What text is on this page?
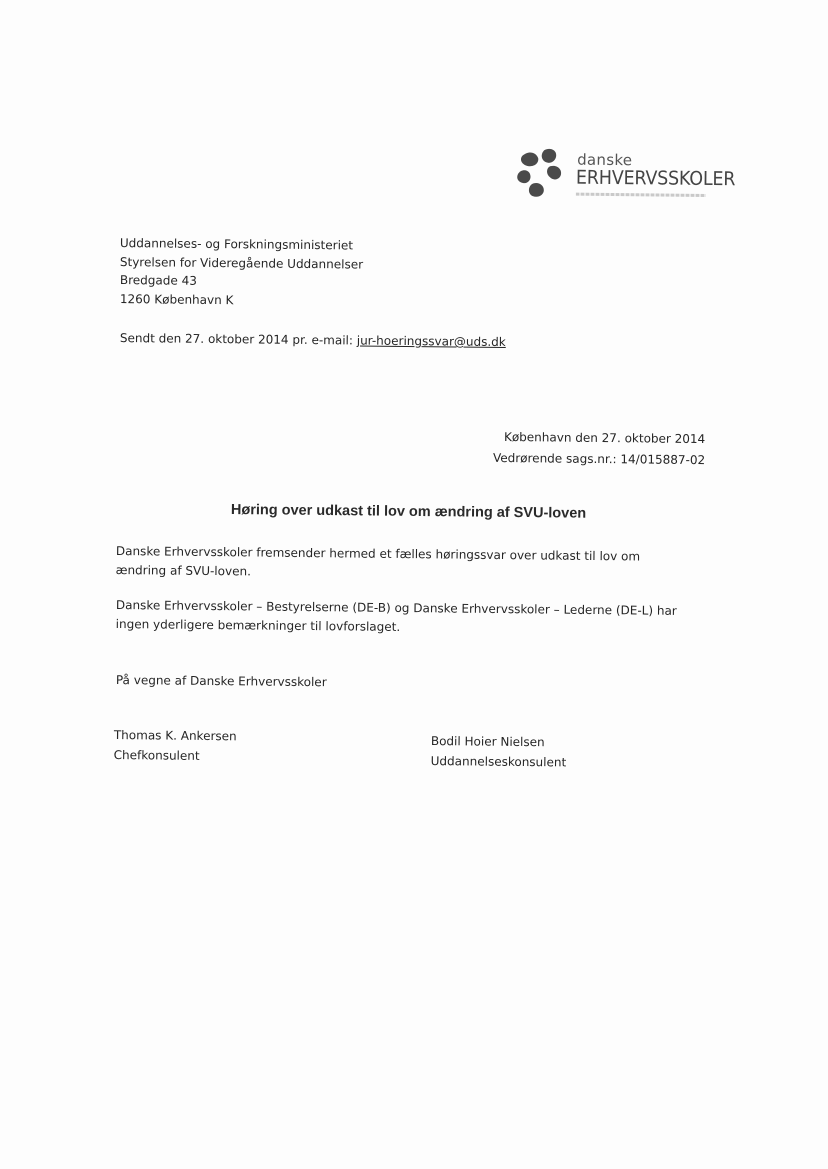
danske
ERHVERVSSKOLER
Uddannelses- og Forskningsministeriet
Styrelsen for Videregående Uddannelser
Bredgade 43
1260 København K
Sendt den 27. oktober 2014 pr. e-mail: jur-hoeringssvar@uds.dk
København den 27. oktober 2014
Vedrørende sags.nr.: 14/015887-02
Høring over udkast til lov om ændring af SVU-loven
Danske Erhvervsskoler fremsender hermed et fælles høringssvar over udkast til lov om ændring af SVU-loven.
Danske Erhvervsskoler – Bestyrelserne (DE-B) og Danske Erhvervsskoler – Lederne (DE-L) har ingen yderligere bemærkninger til lovforslaget.
På vegne af Danske Erhvervsskoler
Thomas K. Ankersen
Chefkonsulent
Bodil Hoier Nielsen
Uddannelseskonsulent
